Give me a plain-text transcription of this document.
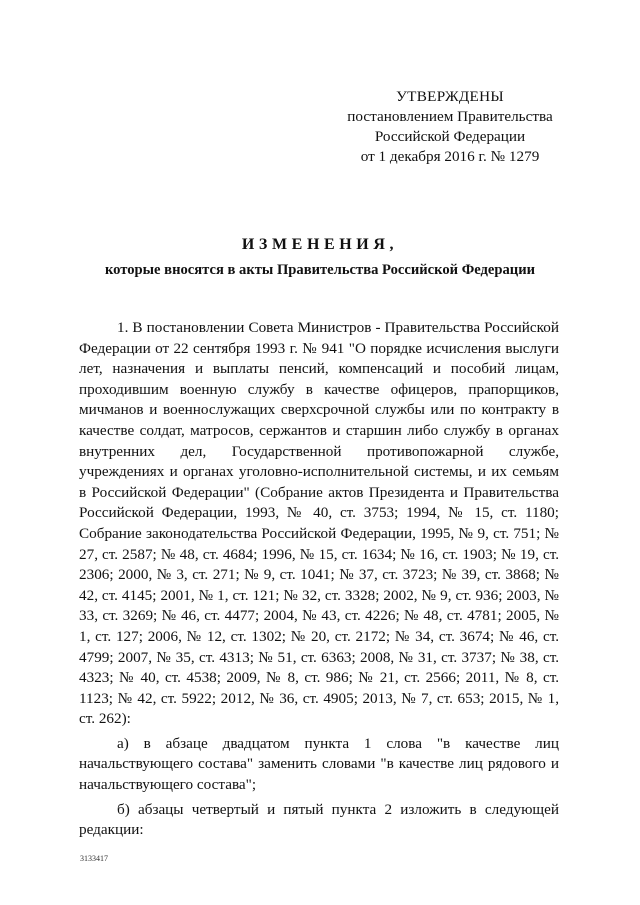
УТВЕРЖДЕНЫ
постановлением Правительства
Российской Федерации
от 1 декабря 2016 г. № 1279
ИЗМЕНЕНИЯ,
которые вносятся в акты Правительства Российской Федерации

1. В постановлении Совета Министров - Правительства Российской Федерации от 22 сентября 1993 г. № 941 "О порядке исчисления выслуги лет, назначения и выплаты пенсий, компенсаций и пособий лицам, проходившим военную службу в качестве офицеров, прапорщиков, мичманов и военнослужащих сверхсрочной службы или по контракту в качестве солдат, матросов, сержантов и старшин либо службу в органах внутренних дел, Государственной противопожарной службе, учреждениях и органах уголовно-исполнительной системы, и их семьям в Российской Федерации" (Собрание актов Президента и Правительства Российской Федерации, 1993, № 40, ст. 3753; 1994, № 15, ст. 1180; Собрание законодательства Российской Федерации, 1995, № 9, ст. 751; № 27, ст. 2587; № 48, ст. 4684; 1996, № 15, ст. 1634; № 16, ст. 1903; № 19, ст. 2306; 2000, № 3, ст. 271; № 9, ст. 1041; № 37, ст. 3723; № 39, ст. 3868; № 42, ст. 4145; 2001, № 1, ст. 121; № 32, ст. 3328; 2002, № 9, ст. 936; 2003, № 33, ст. 3269; № 46, ст. 4477; 2004, № 43, ст. 4226; № 48, ст. 4781; 2005, № 1, ст. 127; 2006, № 12, ст. 1302; № 20, ст. 2172; № 34, ст. 3674; № 46, ст. 4799; 2007, № 35, ст. 4313; № 51, ст. 6363; 2008, № 31, ст. 3737; № 38, ст. 4323; № 40, ст. 4538; 2009, № 8, ст. 986; № 21, ст. 2566; 2011, № 8, ст. 1123; № 42, ст. 5922; 2012, № 36, ст. 4905; 2013, № 7, ст. 653; 2015, № 1, ст. 262):

а) в абзаце двадцатом пункта 1 слова "в качестве лиц начальствующего состава" заменить словами "в качестве лиц рядового и начальствующего состава";

б) абзацы четвертый и пятый пункта 2 изложить в следующей редакции:

3133417
